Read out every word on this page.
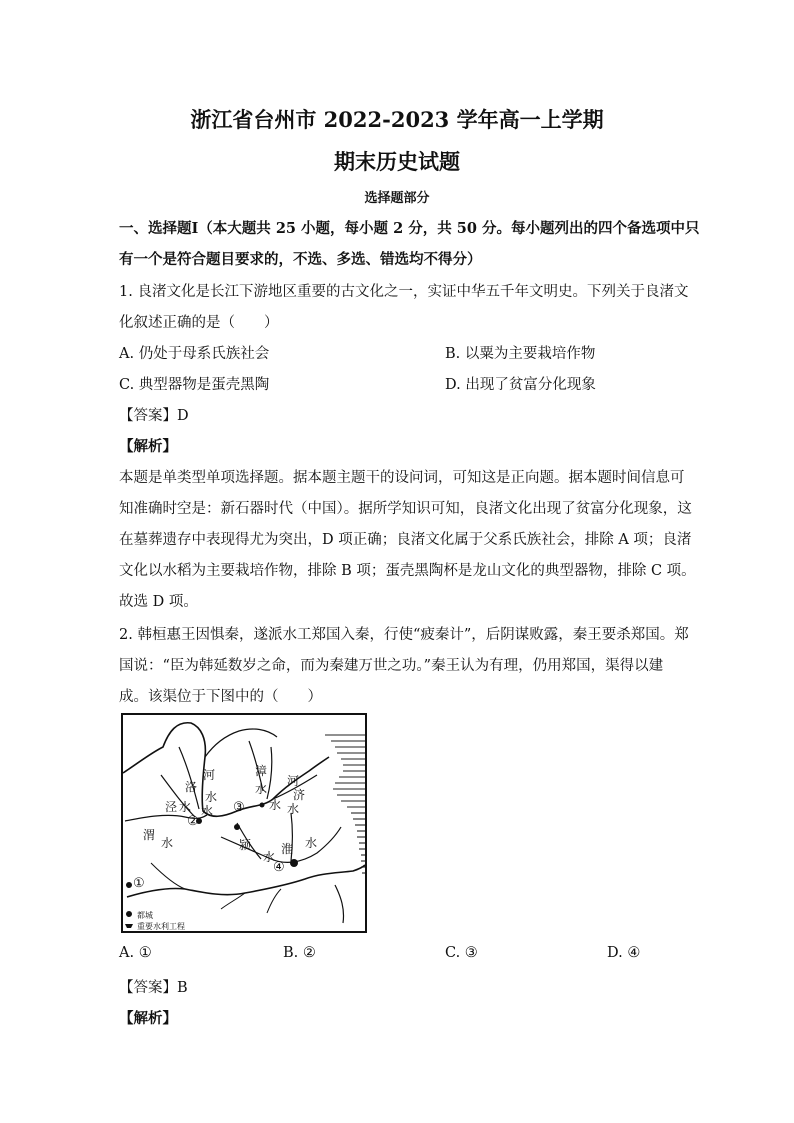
浙江省台州市 2022-2023 学年高一上学期
期末历史试题
选择题部分
一、选择题Ⅰ（本大题共 25 小题，每小题 2 分，共 50 分。每小题列出的四个备选项中只
有一个是符合题目要求的，不选、多选、错选均不得分）
1. 良渚文化是长江下游地区重要的古文化之一，实证中华五千年文明史。下列关于良渚文
化叙述正确的是（　　）
A. 仍处于母系氏族社会	B. 以粟为主要栽培作物
C. 典型器物是蛋壳黑陶	D. 出现了贫富分化现象
【答案】D
【解析】
本题是单类型单项选择题。据本题主题干的设问词，可知这是正向题。据本题时间信息可
知准确时空是：新石器时代（中国）。据所学知识可知，良渚文化出现了贫富分化现象，这
在墓葬遗存中表现得尤为突出，D 项正确；良渚文化属于父系氏族社会，排除 A 项；良渚
文化以水稻为主要栽培作物，排除 B 项；蛋壳黑陶杯是龙山文化的典型器物，排除 C 项。
故选 D 项。
2. 韩桓惠王因惧秦，遂派水工郑国入秦，行使“疲秦计”，后阴谋败露，秦王要杀郑国。郑
国说：“臣为韩延数岁之命，而为秦建万世之功。”秦王认为有理，仍用郑国，渠得以建
成。该渠位于下图中的（　　）
河
洛
水
泾 水 水
②
③
漳
水
河
水
济
水
渭
水	颍
水
淮 水
④
①
都城
重要水利工程
A. ①	B. ②	C. ③	D. ④
【答案】B
【解析】
